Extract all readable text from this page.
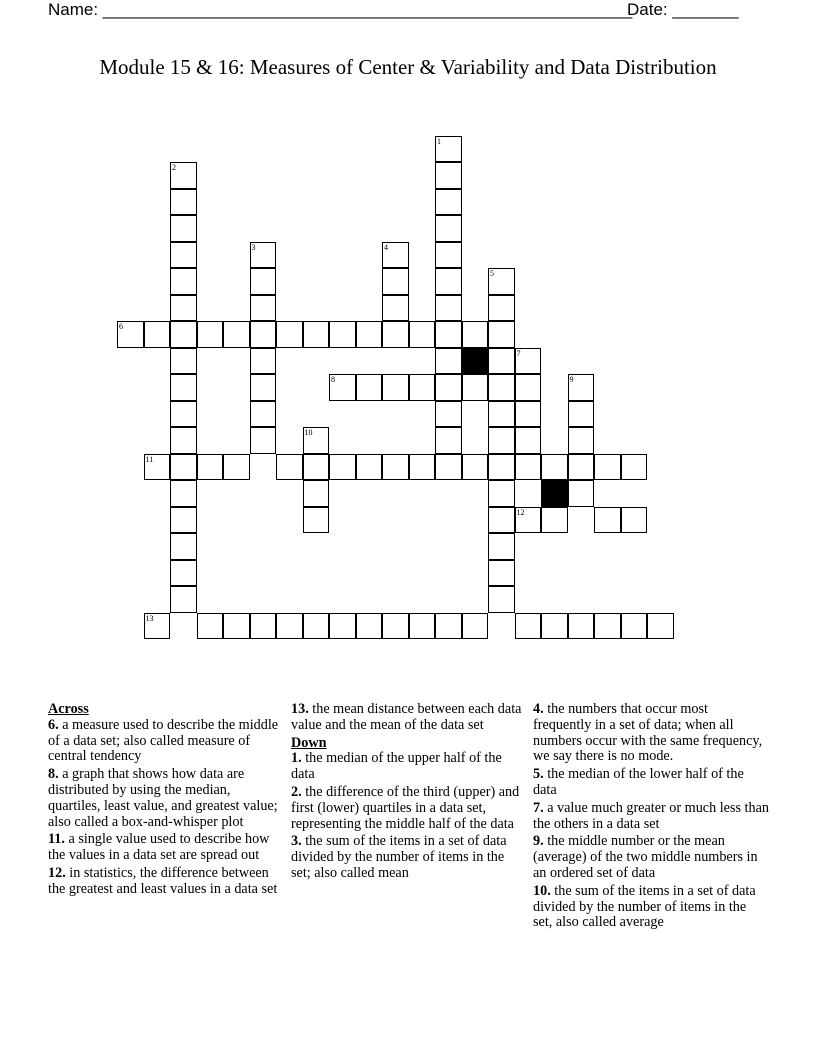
Name: ________________________________________________________
Date: _______
Module 15 & 16: Measures of Center & Variability and Data Distribution
1
2
3	4
5
6
7
8	9
10
11
12
13
Across
6. a measure used to describe the middle of a data set; also called measure of central tendency
8. a graph that shows how data are distributed by using the median, quartiles, least value, and greatest value; also called a box-and-whisper plot
11. a single value used to describe how the values in a data set are spread out
12. in statistics, the difference between the greatest and least values in a data set
13. the mean distance between each data value and the mean of the data set
Down
1. the median of the upper half of the data
2. the difference of the third (upper) and first (lower) quartiles in a data set, representing the middle half of the data
3. the sum of the items in a set of data divided by the number of items in the set; also called mean
4. the numbers that occur most frequently in a set of data; when all numbers occur with the same frequency, we say there is no mode.
5. the median of the lower half of the data
7. a value much greater or much less than the others in a data set
9. the middle number or the mean (average) of the two middle numbers in an ordered set of data
10. the sum of the items in a set of data divided by the number of items in the set, also called average
